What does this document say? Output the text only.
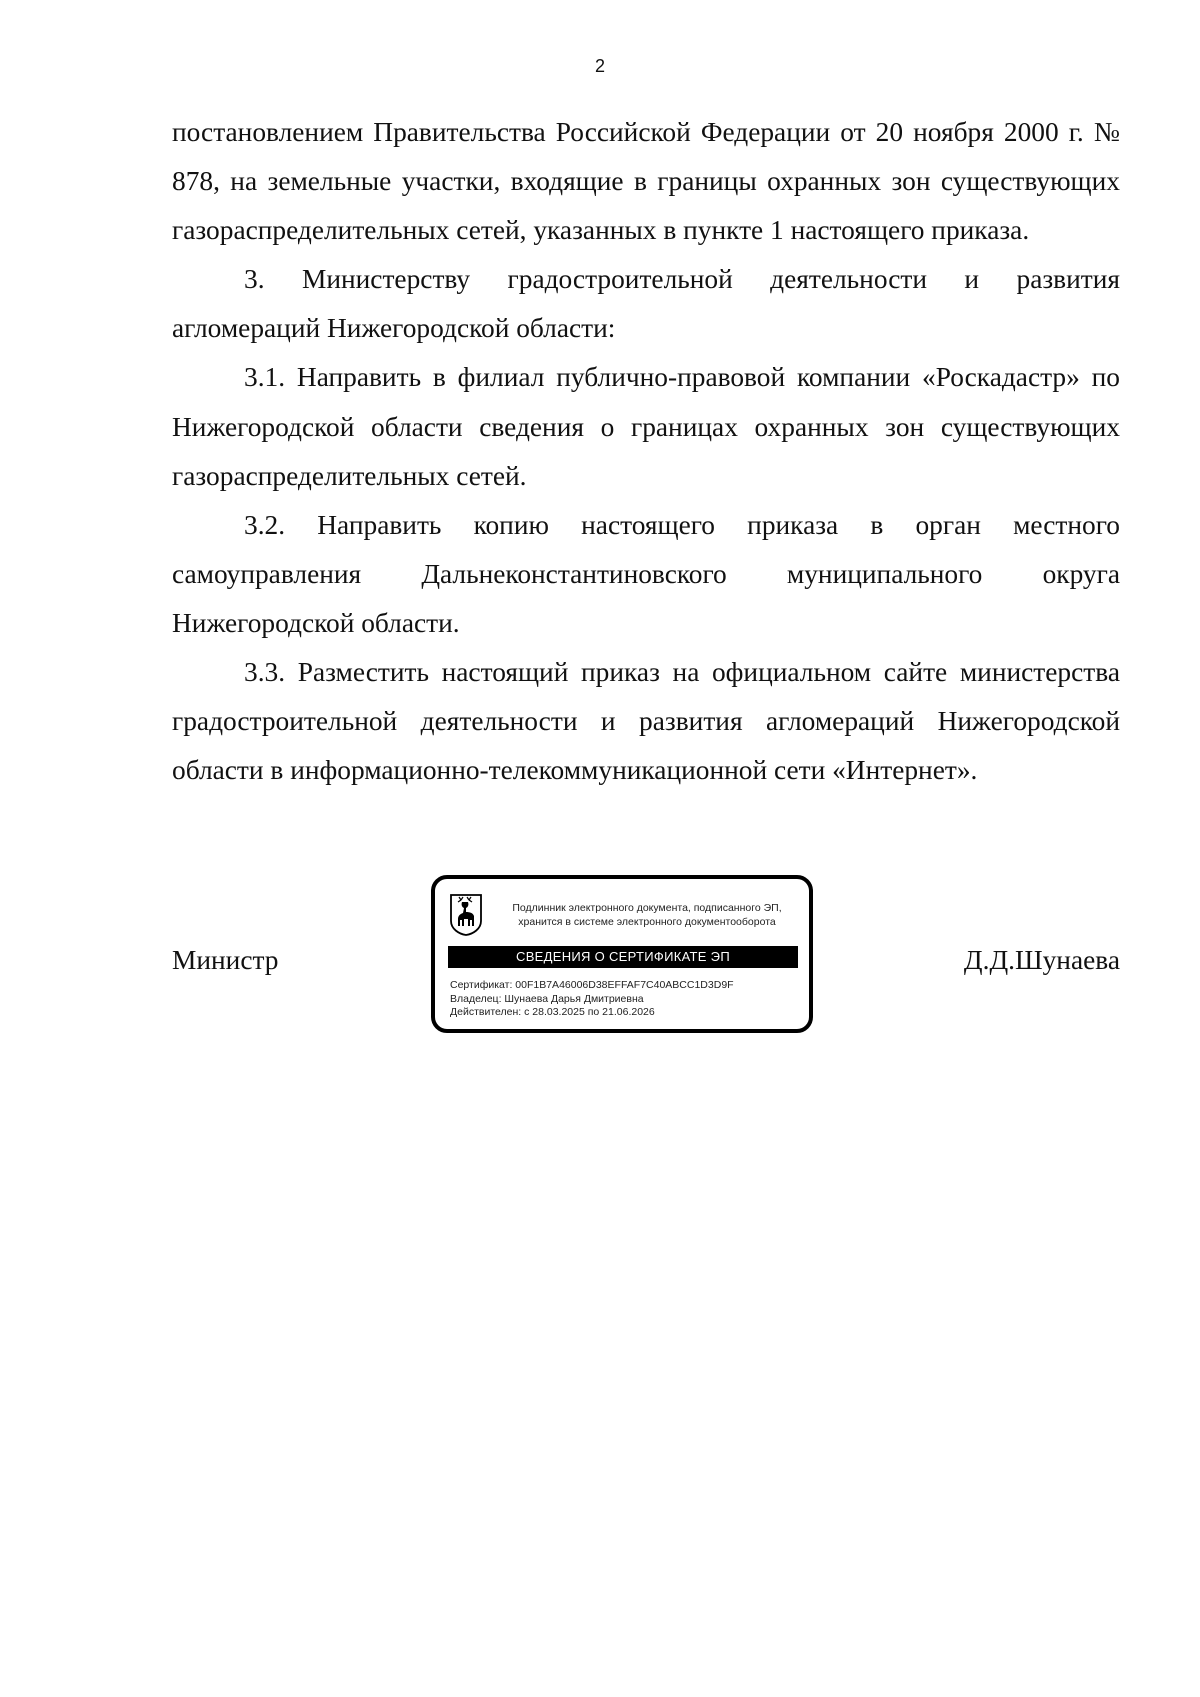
2

постановлением Правительства Российской Федерации от 20 ноября 2000 г. № 878, на земельные участки, входящие в границы охранных зон существующих газораспределительных сетей, указанных в пункте 1 настоящего приказа.

3. Министерству градостроительной деятельности и развития агломераций Нижегородской области:

3.1. Направить в филиал публично-правовой компании «Роскадастр» по Нижегородской области сведения о границах охранных зон существующих газораспределительных сетей.

3.2. Направить копию настоящего приказа в орган местного самоуправления Дальнеконстантиновского муниципального округа Нижегородской области.

3.3. Разместить настоящий приказ на официальном сайте министерства градостроительной деятельности и развития агломераций Нижегородской области в информационно-телекоммуникационной сети «Интернет».

Министр	Д.Д.Шунаева
Подлинник электронного документа, подписанного ЭП,
хранится в системе электронного документооборота
СВЕДЕНИЯ О СЕРТИФИКАТЕ ЭП
Сертификат: 00F1B7A46006D38EFFAF7C40ABCC1D3D9F
Владелец: Шунаева Дарья Дмитриевна
Действителен: с 28.03.2025 по 21.06.2026
